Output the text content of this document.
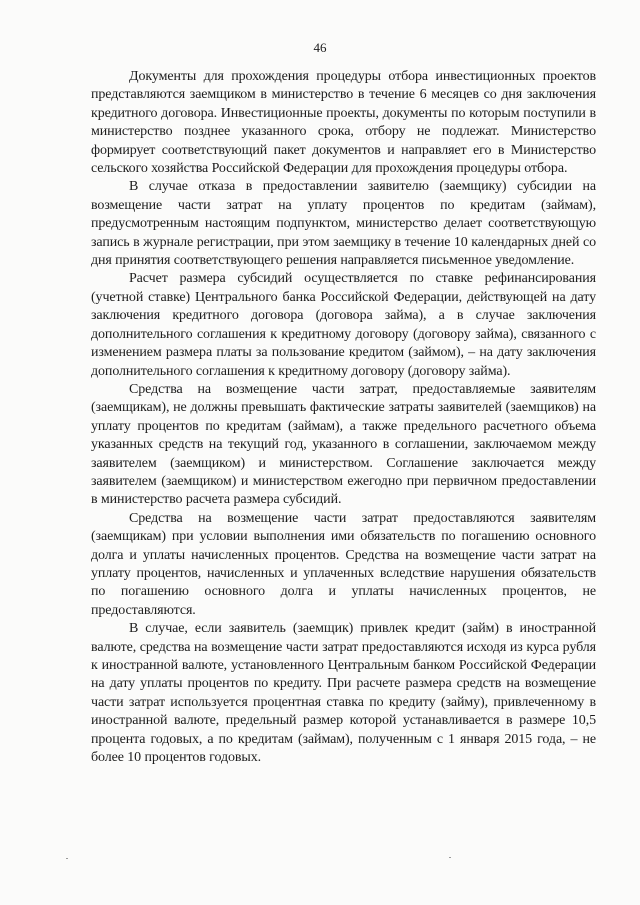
46

Документы для прохождения процедуры отбора инвестиционных проектов представляются заемщиком в министерство в течение 6 месяцев со дня заключения кредитного договора. Инвестиционные проекты, документы по которым поступили в министерство позднее указанного срока, отбору не подлежат. Министерство формирует соответствующий пакет документов и направляет его в Министерство сельского хозяйства Российской Федерации для прохождения процедуры отбора.

В случае отказа в предоставлении заявителю (заемщику) субсидии на возмещение части затрат на уплату процентов по кредитам (займам), предусмотренным настоящим подпунктом, министерство делает соответствующую запись в журнале регистрации, при этом заемщику в течение 10 календарных дней со дня принятия соответствующего решения направляется письменное уведомление.

Расчет размера субсидий осуществляется по ставке рефинансирования (учетной ставке) Центрального банка Российской Федерации, действующей на дату заключения кредитного договора (договора займа), а в случае заключения дополнительного соглашения к кредитному договору (договору займа), связанного с изменением размера платы за пользование кредитом (займом), – на дату заключения дополнительного соглашения к кредитному договору (договору займа).

Средства на возмещение части затрат, предоставляемые заявителям (заемщикам), не должны превышать фактические затраты заявителей (заемщиков) на уплату процентов по кредитам (займам), а также предельного расчетного объема указанных средств на текущий год, указанного в соглашении, заключаемом между заявителем (заемщиком) и министерством. Соглашение заключается между заявителем (заемщиком) и министерством ежегодно при первичном предоставлении в министерство расчета размера субсидий.

Средства на возмещение части затрат предоставляются заявителям (заемщикам) при условии выполнения ими обязательств по погашению основного долга и уплаты начисленных процентов. Средства на возмещение части затрат на уплату процентов, начисленных и уплаченных вследствие нарушения обязательств по погашению основного долга и уплаты начисленных процентов, не предоставляются.

В случае, если заявитель (заемщик) привлек кредит (займ) в иностранной валюте, средства на возмещение части затрат предоставляются исходя из курса рубля к иностранной валюте, установленного Центральным банком Российской Федерации на дату уплаты процентов по кредиту. При расчете размера средств на возмещение части затрат используется процентная ставка по кредиту (займу), привлеченному в иностранной валюте, предельный размер которой устанавливается в размере 10,5 процента годовых, а по кредитам (займам), полученным с 1 января 2015 года, – не более 10 процентов годовых.
